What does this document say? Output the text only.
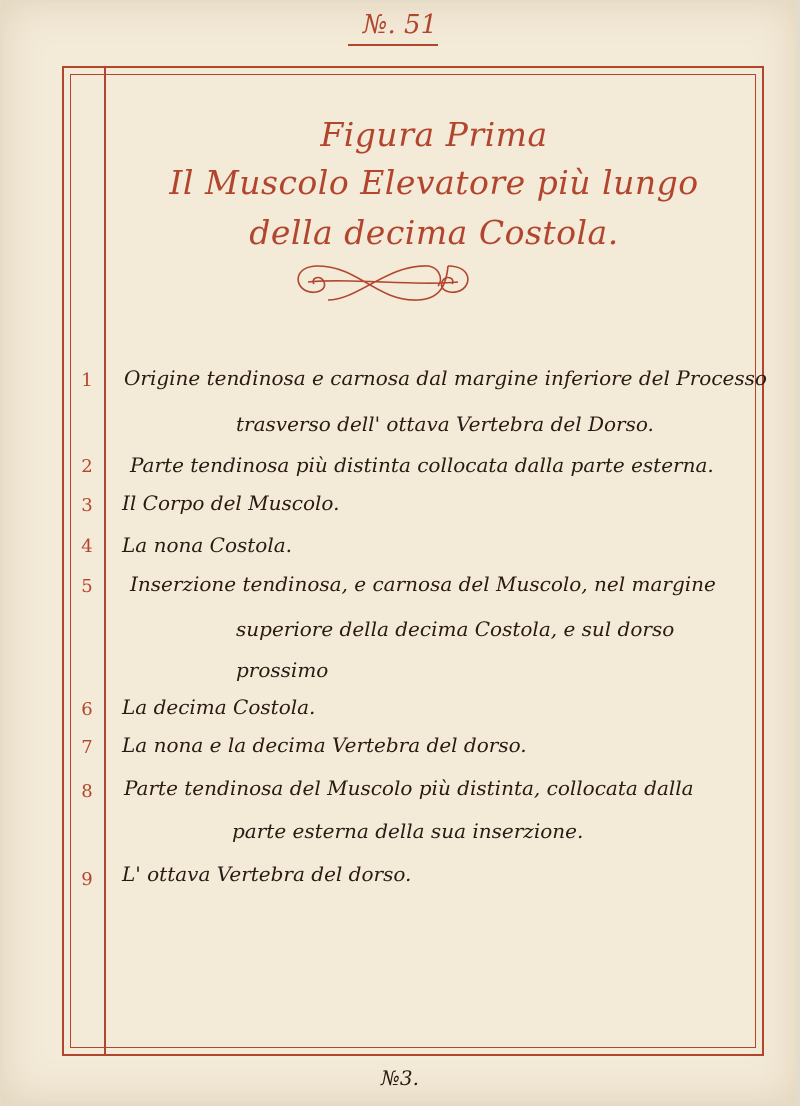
№. 51
Figura Prima
Il Muscolo Elevatore più lungo
della decima Costola.
1
2
3
4
5
6
7
8
9
Origine tendinosa e carnosa dal margine inferiore del Processo
trasverso dell' ottava Vertebra del Dorso.
Parte tendinosa più distinta collocata dalla parte esterna.
Il Corpo del Muscolo.
La nona Costola.
Inserzione tendinosa, e carnosa del Muscolo, nel margine
superiore della decima Costola, e sul dorso
prossimo
La decima Costola.
La nona e la decima Vertebra del dorso.
Parte tendinosa del Muscolo più distinta, collocata dalla
parte esterna della sua inserzione.
L' ottava Vertebra del dorso.
№3.
